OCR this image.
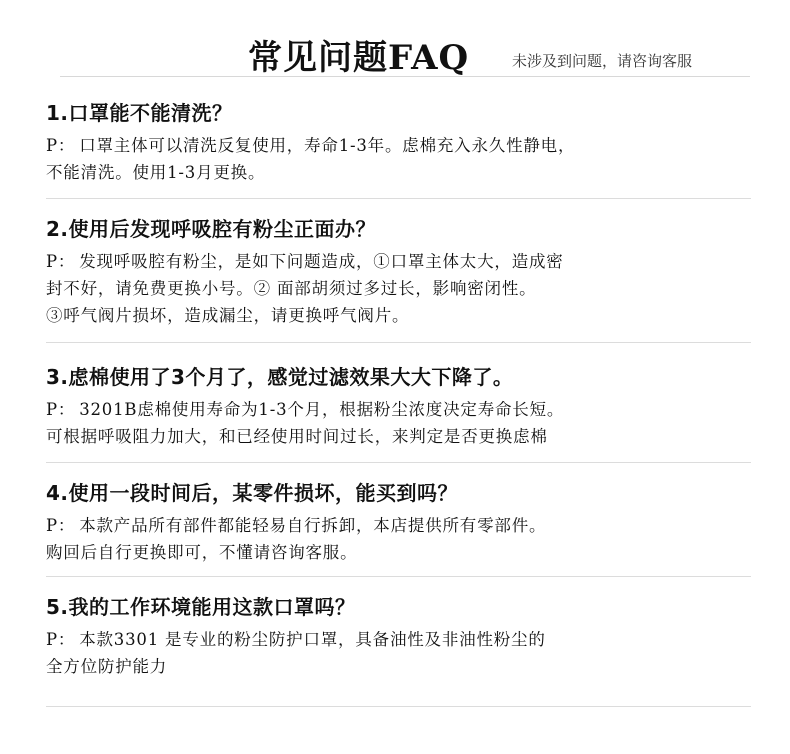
常见问题FAQ	未涉及到问题，请咨询客服
1.口罩能不能清洗？
P： 口罩主体可以清洗反复使用，寿命1-3年。虑棉充入永久性静电，
不能清洗。使用1-3月更换。
2.使用后发现呼吸腔有粉尘正面办？
P： 发现呼吸腔有粉尘，是如下问题造成，①口罩主体太大，造成密
封不好，请免费更换小号。② 面部胡须过多过长，影响密闭性。
③呼气阀片损坏，造成漏尘，请更换呼气阀片。
3.虑棉使用了3个月了，感觉过滤效果大大下降了。
P： 3201B虑棉使用寿命为1-3个月，根据粉尘浓度决定寿命长短。
可根据呼吸阻力加大，和已经使用时间过长，来判定是否更换虑棉
4.使用一段时间后，某零件损坏，能买到吗？
P： 本款产品所有部件都能轻易自行拆卸，本店提供所有零部件。
购回后自行更换即可，不懂请咨询客服。
5.我的工作环境能用这款口罩吗？
P： 本款3301 是专业的粉尘防护口罩，具备油性及非油性粉尘的
全方位防护能力
